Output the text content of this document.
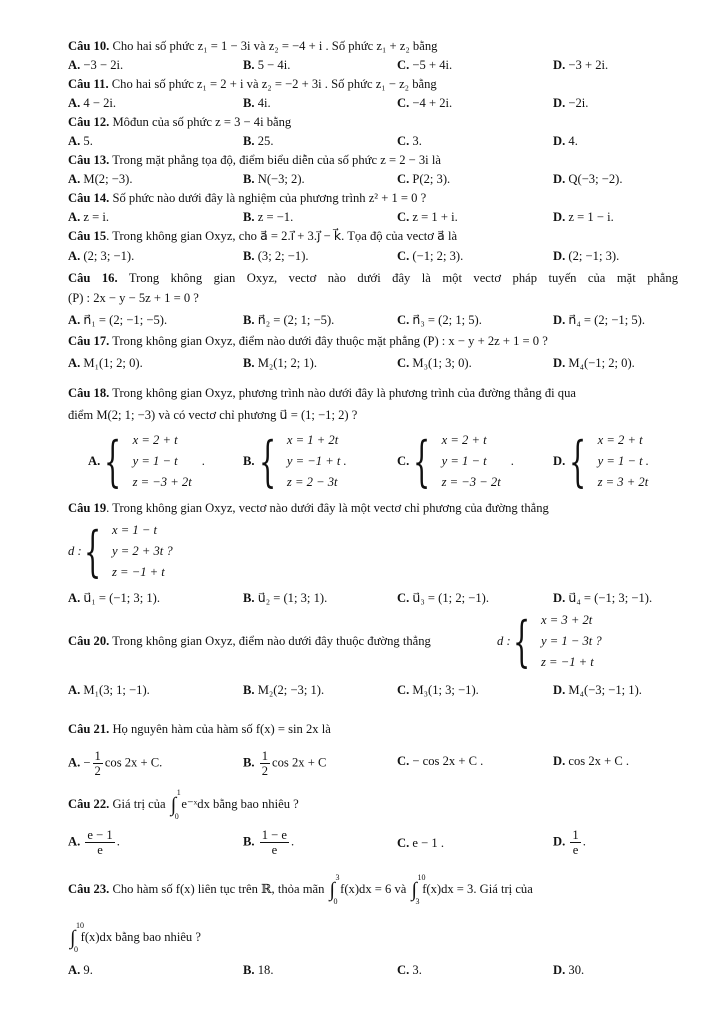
Câu 10. Cho hai số phức z₁ = 1 − 3i và z₂ = −4 + i . Số phức z₁ + z₂ bằng
A. −3 − 2i.	B. 5 − 4i.	C. −5 + 4i.	D. −3 + 2i.
Câu 11. Cho hai số phức z₁ = 2 + i và z₂ = −2 + 3i . Số phức z₁ − z₂ bằng
A. 4 − 2i.	B. 4i.	C. −4 + 2i.	D. −2i.
Câu 12. Môđun của số phức z = 3 − 4i bằng
A. 5.	B. 25.	C. 3.	D. 4.
Câu 13. Trong mặt phẳng tọa độ, điểm biểu diễn của số phức z = 2 − 3i là
A. M(2; −3).	B. N(−3; 2).	C. P(2; 3).	D. Q(−3; −2).
Câu 14. Số phức nào dưới đây là nghiệm của phương trình z² + 1 = 0 ?
A. z = i.	B. z = −1.	C. z = 1 + i.	D. z = 1 − i.
Câu 15. Trong không gian Oxyz, cho a⃗ = 2.i⃗ + 3.j⃗ − k⃗. Tọa độ của vectơ a⃗ là
A. (2; 3; −1).	B. (3; 2; −1).	C. (−1; 2; 3).	D. (2; −1; 3).
Câu 16. Trong không gian Oxyz, vectơ nào dưới đây là một vectơ pháp tuyến của mặt phẳng
(P) : 2x − y − 5z + 1 = 0 ?
A. n⃗₁ = (2; −1; −5).	B. n⃗₂ = (2; 1; −5).	C. n⃗₃ = (2; 1; 5).	D. n⃗₄ = (2; −1; 5).
Câu 17. Trong không gian Oxyz, điểm nào dưới đây thuộc mặt phẳng (P) : x − y + 2z + 1 = 0 ?
A. M₁(1; 2; 0).	B. M₂(1; 2; 1).	C. M₃(1; 3; 0).	D. M₄(−1; 2; 0).
Câu 18. Trong không gian Oxyz, phương trình nào dưới đây là phương trình của đường thẳng đi qua
điểm M(2; 1; −3) và có vectơ chỉ phương u⃗ = (1; −1; 2) ?
A. { x = 2 + t
y = 1 − t
z = −3 + 2t
.	B. { x = 1 + 2t
y = −1 + t .
z = 2 − 3t
C. { x = 2 + t
y = 1 − t
z = −3 − 2t
.	D. { x = 2 + t
y = 1 − t .
z = 3 + 2t
Câu 19. Trong không gian Oxyz, vectơ nào dưới đây là một vectơ chỉ phương của đường thẳng
d : { x = 1 − t
y = 2 + 3t ?
z = −1 + t
A. u⃗₁ = (−1; 3; 1).	B. u⃗₂ = (1; 3; 1).	C. u⃗₃ = (1; 2; −1).	D. u⃗₄ = (−1; 3; −1).
Câu 20. Trong không gian Oxyz, điểm nào dưới đây thuộc đường thẳng	d : { x = 3 + 2t
y = 1 − 3t ?
z = −1 + t
A. M₁(3; 1; −1).	B. M₂(2; −3; 1).	C. M₃(1; 3; −1).	D. M₄(−3; −1; 1).
Câu 21. Họ nguyên hàm của hàm số f(x) = sin 2x là
A. − $\frac{1}{2}$ cos 2x + C.	B. $\frac{1}{2}$ cos 2x + C	C. − cos 2x + C .	D. cos 2x + C .
Câu 22. Giá trị của ∫
1
0
e⁻ˣdx bằng bao nhiêu ?
A. $\frac{e - 1}{e}$ .	B. $\frac{1 - e}{e}$ .	C. e − 1 .	D. $\frac{1}{e}$ .
Câu 23. Cho hàm số f(x) liên tục trên ℝ, thỏa mãn ∫
3
0
f(x)dx = 6 và ∫
10
3
f(x)dx = 3. Giá trị của
∫
10
0
f(x)dx bằng bao nhiêu ?
A. 9.	B. 18.	C. 3.	D. 30.
